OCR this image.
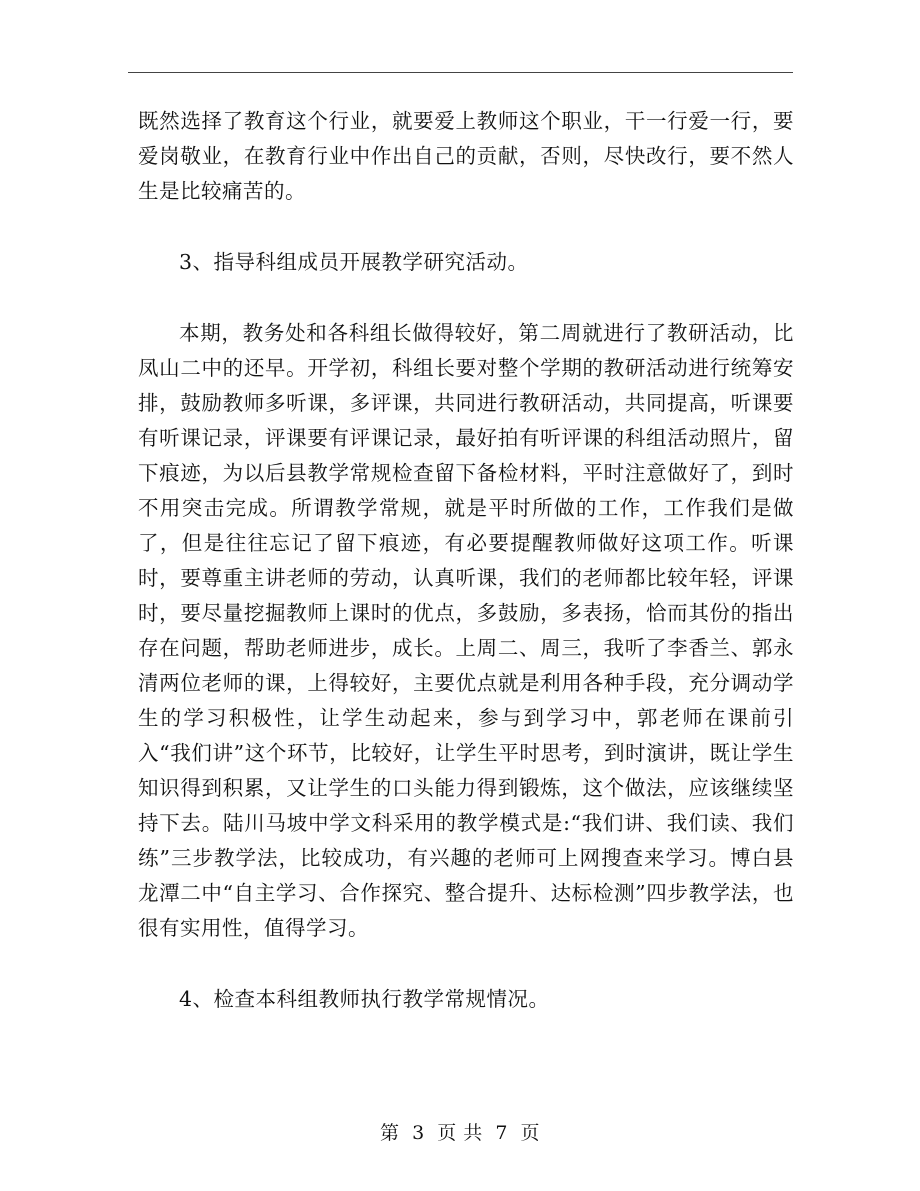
既然选择了教育这个行业，就要爱上教师这个职业，干一行爱一行，要爱岗敬业，在教育行业中作出自己的贡献，否则，尽快改行，要不然人生是比较痛苦的。

3、指导科组成员开展教学研究活动。

本期，教务处和各科组长做得较好，第二周就进行了教研活动，比凤山二中的还早。开学初，科组长要对整个学期的教研活动进行统筹安排，鼓励教师多听课，多评课，共同进行教研活动，共同提高，听课要有听课记录，评课要有评课记录，最好拍有听评课的科组活动照片，留下痕迹，为以后县教学常规检查留下备检材料，平时注意做好了，到时不用突击完成。所谓教学常规，就是平时所做的工作，工作我们是做了，但是往往忘记了留下痕迹，有必要提醒教师做好这项工作。听课时，要尊重主讲老师的劳动，认真听课，我们的老师都比较年轻，评课时，要尽量挖掘教师上课时的优点，多鼓励，多表扬，恰而其份的指出存在问题，帮助老师进步，成长。上周二、周三，我听了李香兰、郭永清两位老师的课，上得较好，主要优点就是利用各种手段，充分调动学生的学习积极性，让学生动起来，参与到学习中，郭老师在课前引入“我们讲”这个环节，比较好，让学生平时思考，到时演讲，既让学生知识得到积累，又让学生的口头能力得到锻炼，这个做法，应该继续坚持下去。陆川马坡中学文科采用的教学模式是:“我们讲、我们读、我们练”三步教学法，比较成功，有兴趣的老师可上网搜查来学习。博白县龙潭二中“自主学习、合作探究、整合提升、达标检测”四步教学法，也很有实用性，值得学习。

4、检查本科组教师执行教学常规情况。

第 3 页 共 7 页
